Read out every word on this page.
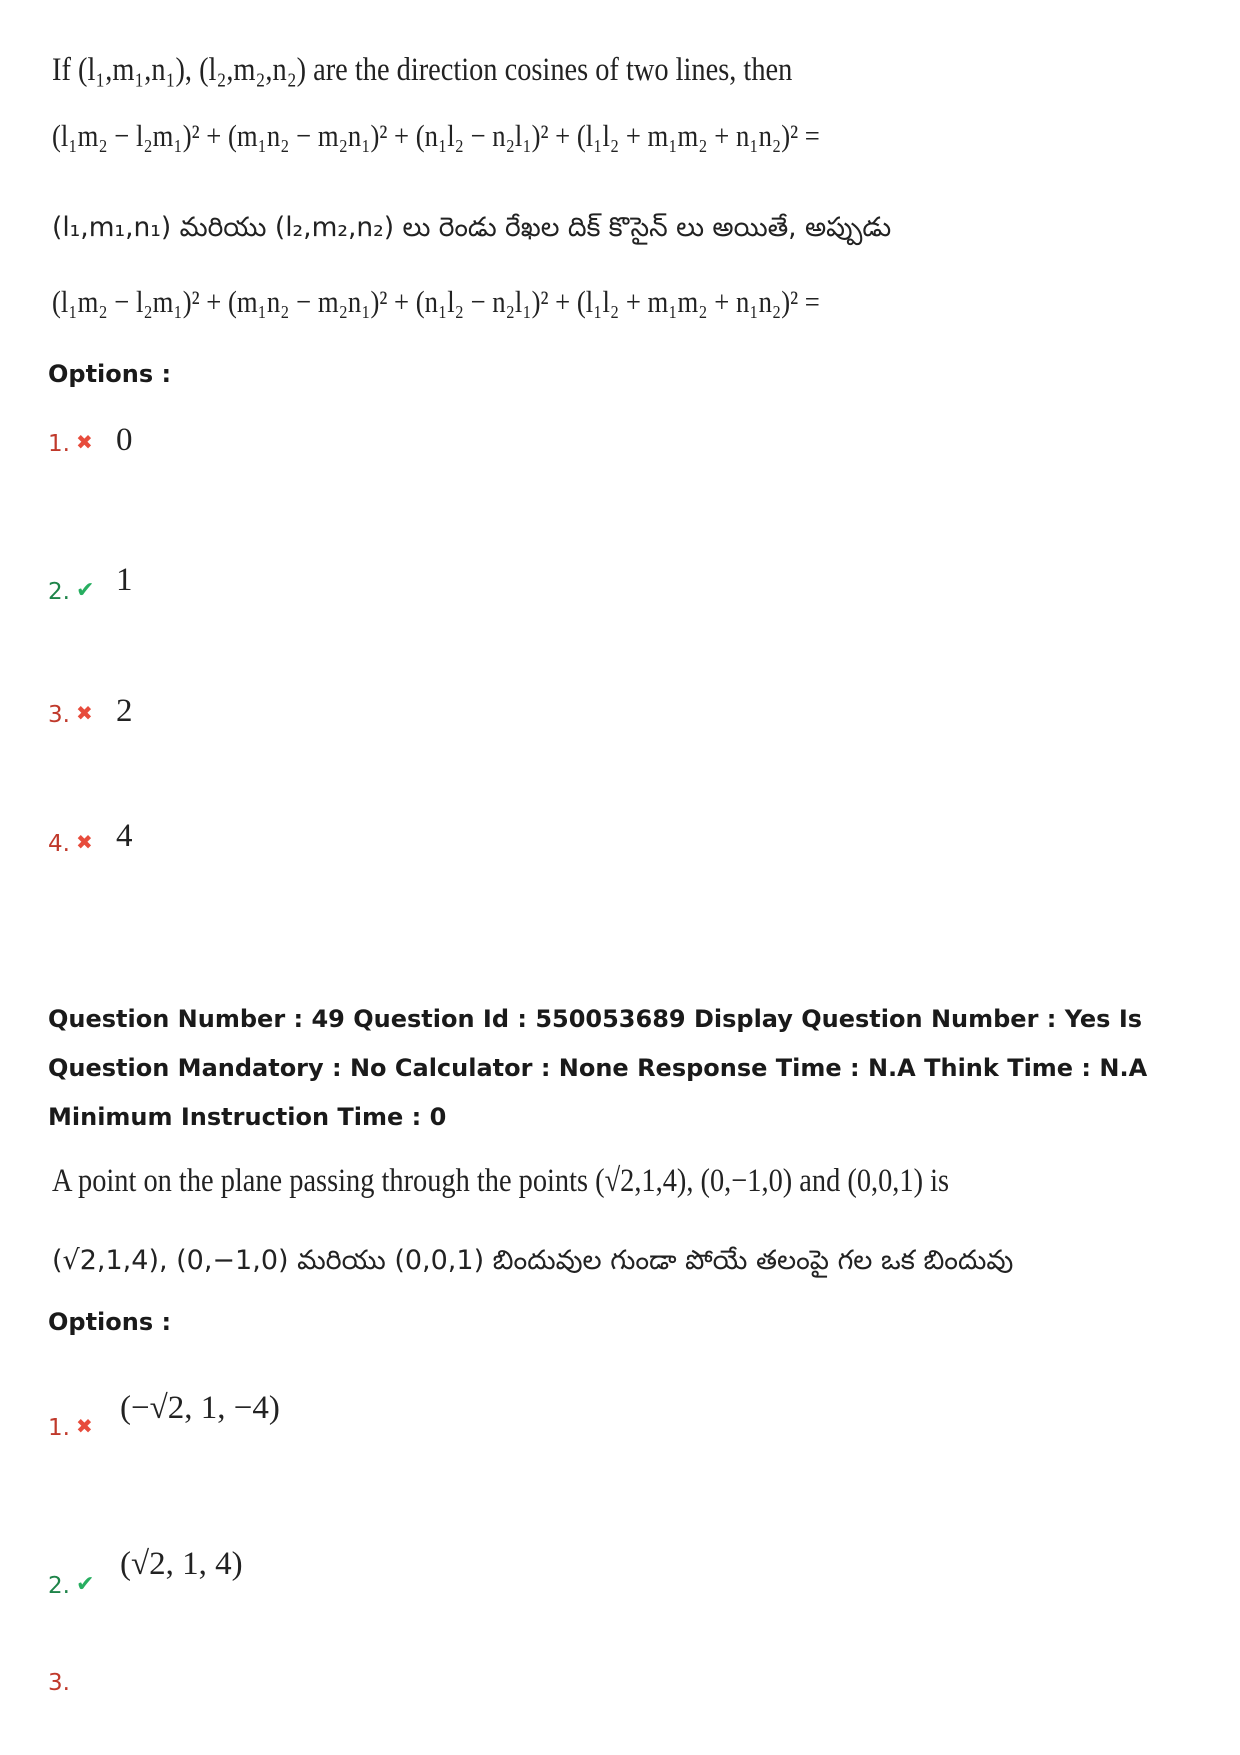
If (l₁,m₁,n₁), (l₂,m₂,n₂) are the direction cosines of two lines, then
(l₁m₂ − l₂m₁)² + (m₁n₂ − m₂n₁)² + (n₁l₂ − n₂l₁)² + (l₁l₂ + m₁m₂ + n₁n₂)² =
(l₁,m₁,n₁) మరియు (l₂,m₂,n₂) లు రెండు రేఖల దిక్ కొసైన్ లు అయితే, అప్పుడు
(l₁m₂ − l₂m₁)² + (m₁n₂ − m₂n₁)² + (n₁l₂ − n₂l₁)² + (l₁l₂ + m₁m₂ + n₁n₂)² =
Options :
1. ✖ 0
2. ✔ 1
3. ✖ 2
4. ✖ 4
Question Number : 49 Question Id : 550053689 Display Question Number : Yes Is Question Mandatory : No Calculator : None Response Time : N.A Think Time : N.A Minimum Instruction Time : 0
A point on the plane passing through the points (√2,1,4), (0,−1,0) and (0,0,1) is
(√2,1,4), (0,−1,0) మరియు (0,0,1) బిందువుల గుండా పోయే తలంపై గల ఒక బిందువు
Options :
1. ✖ (−√2, 1, −4)
2. ✔
(√2, 1, 4)
3.
